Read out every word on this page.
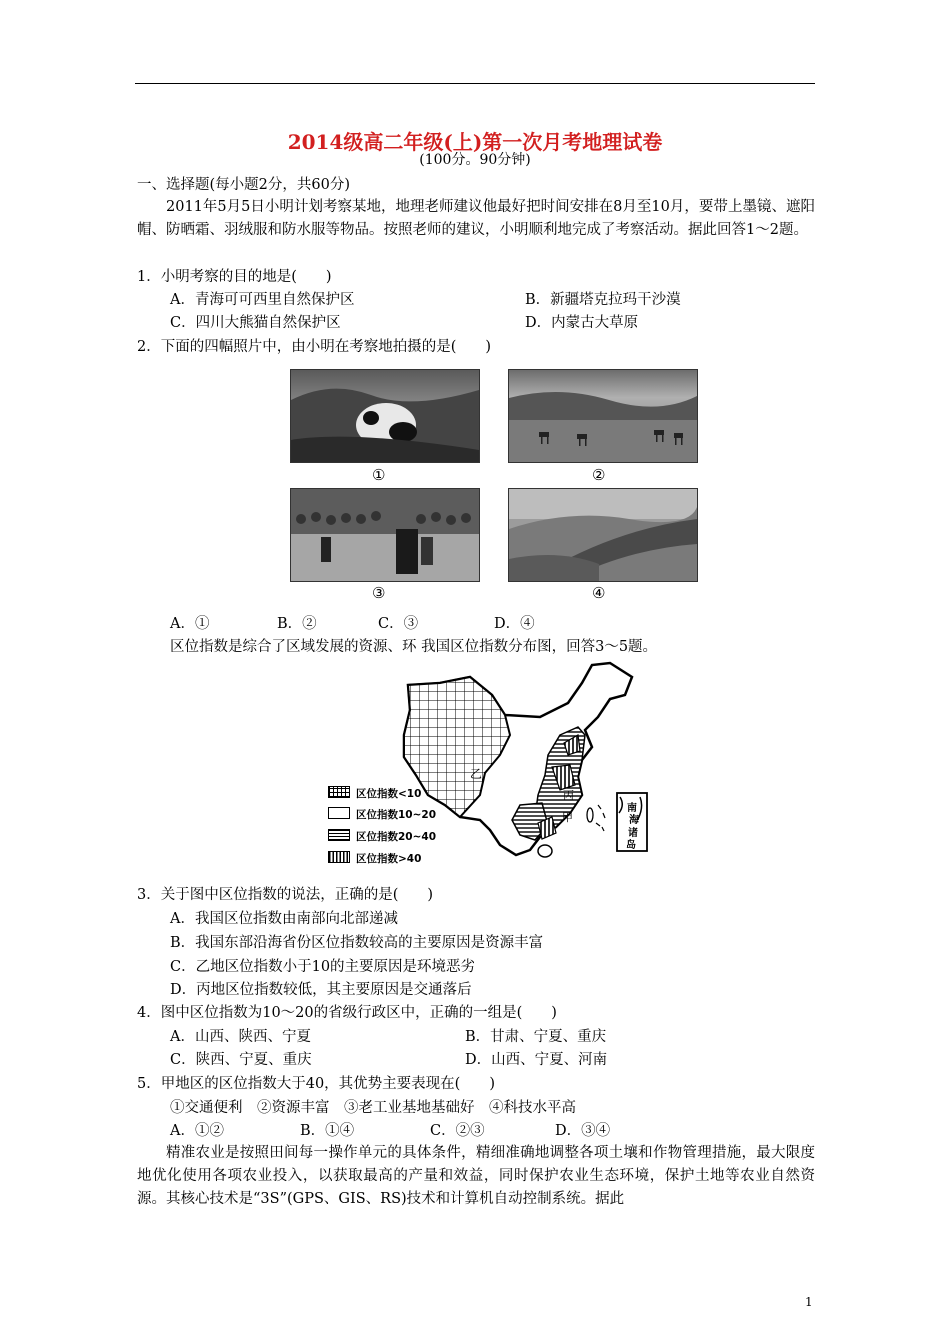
2014级高二年级(上)第一次月考地理试卷
(100分。90分钟)
一、选择题(每小题2分，共60分)
2011年5月5日小明计划考察某地，地理老师建议他最好把时间安排在8月至10月，要带上墨镜、遮阳帽、防晒霜、羽绒服和防水服等物品。按照老师的建议，小明顺利地完成了考察活动。据此回答1～2题。
1．小明考察的目的地是(　　)
A．青海可可西里自然保护区	B．新疆塔克拉玛干沙漠
C．四川大熊猫自然保护区	D．内蒙古大草原
2．下面的四幅照片中，由小明在考察地拍摄的是(　　)
①	②
③	④
A．①	B．②	C．③	D．④
区位指数是综合了区域发展的资源、环 我国区位指数分布图，回答3～5题。
乙
丙
甲
南
海
诸
岛
区位指数<10
区位指数10~20
区位指数20~40
区位指数>40
3．关于图中区位指数的说法，正确的是(　　)
A．我国区位指数由南部向北部递减
B．我国东部沿海省份区位指数较高的主要原因是资源丰富
C．乙地区位指数小于10的主要原因是环境恶劣
D．丙地区位指数较低，其主要原因是交通落后
4．图中区位指数为10～20的省级行政区中，正确的一组是(　　)
A．山西、陕西、宁夏	B．甘肃、宁夏、重庆
C．陕西、宁夏、重庆	D．山西、宁夏、河南
5．甲地区的区位指数大于40，其优势主要表现在(　　)
①交通便利　②资源丰富　③老工业基地基础好　④科技水平高
A．①②	B．①④	C．②③	D．③④
精准农业是按照田间每一操作单元的具体条件，精细准确地调整各项土壤和作物管理措施，最大限度地优化使用各项农业投入，以获取最高的产量和效益，同时保护农业生态环境，保护土地等农业自然资源。其核心技术是“3S”(GPS、GIS、RS)技术和计算机自动控制系统。据此
1
